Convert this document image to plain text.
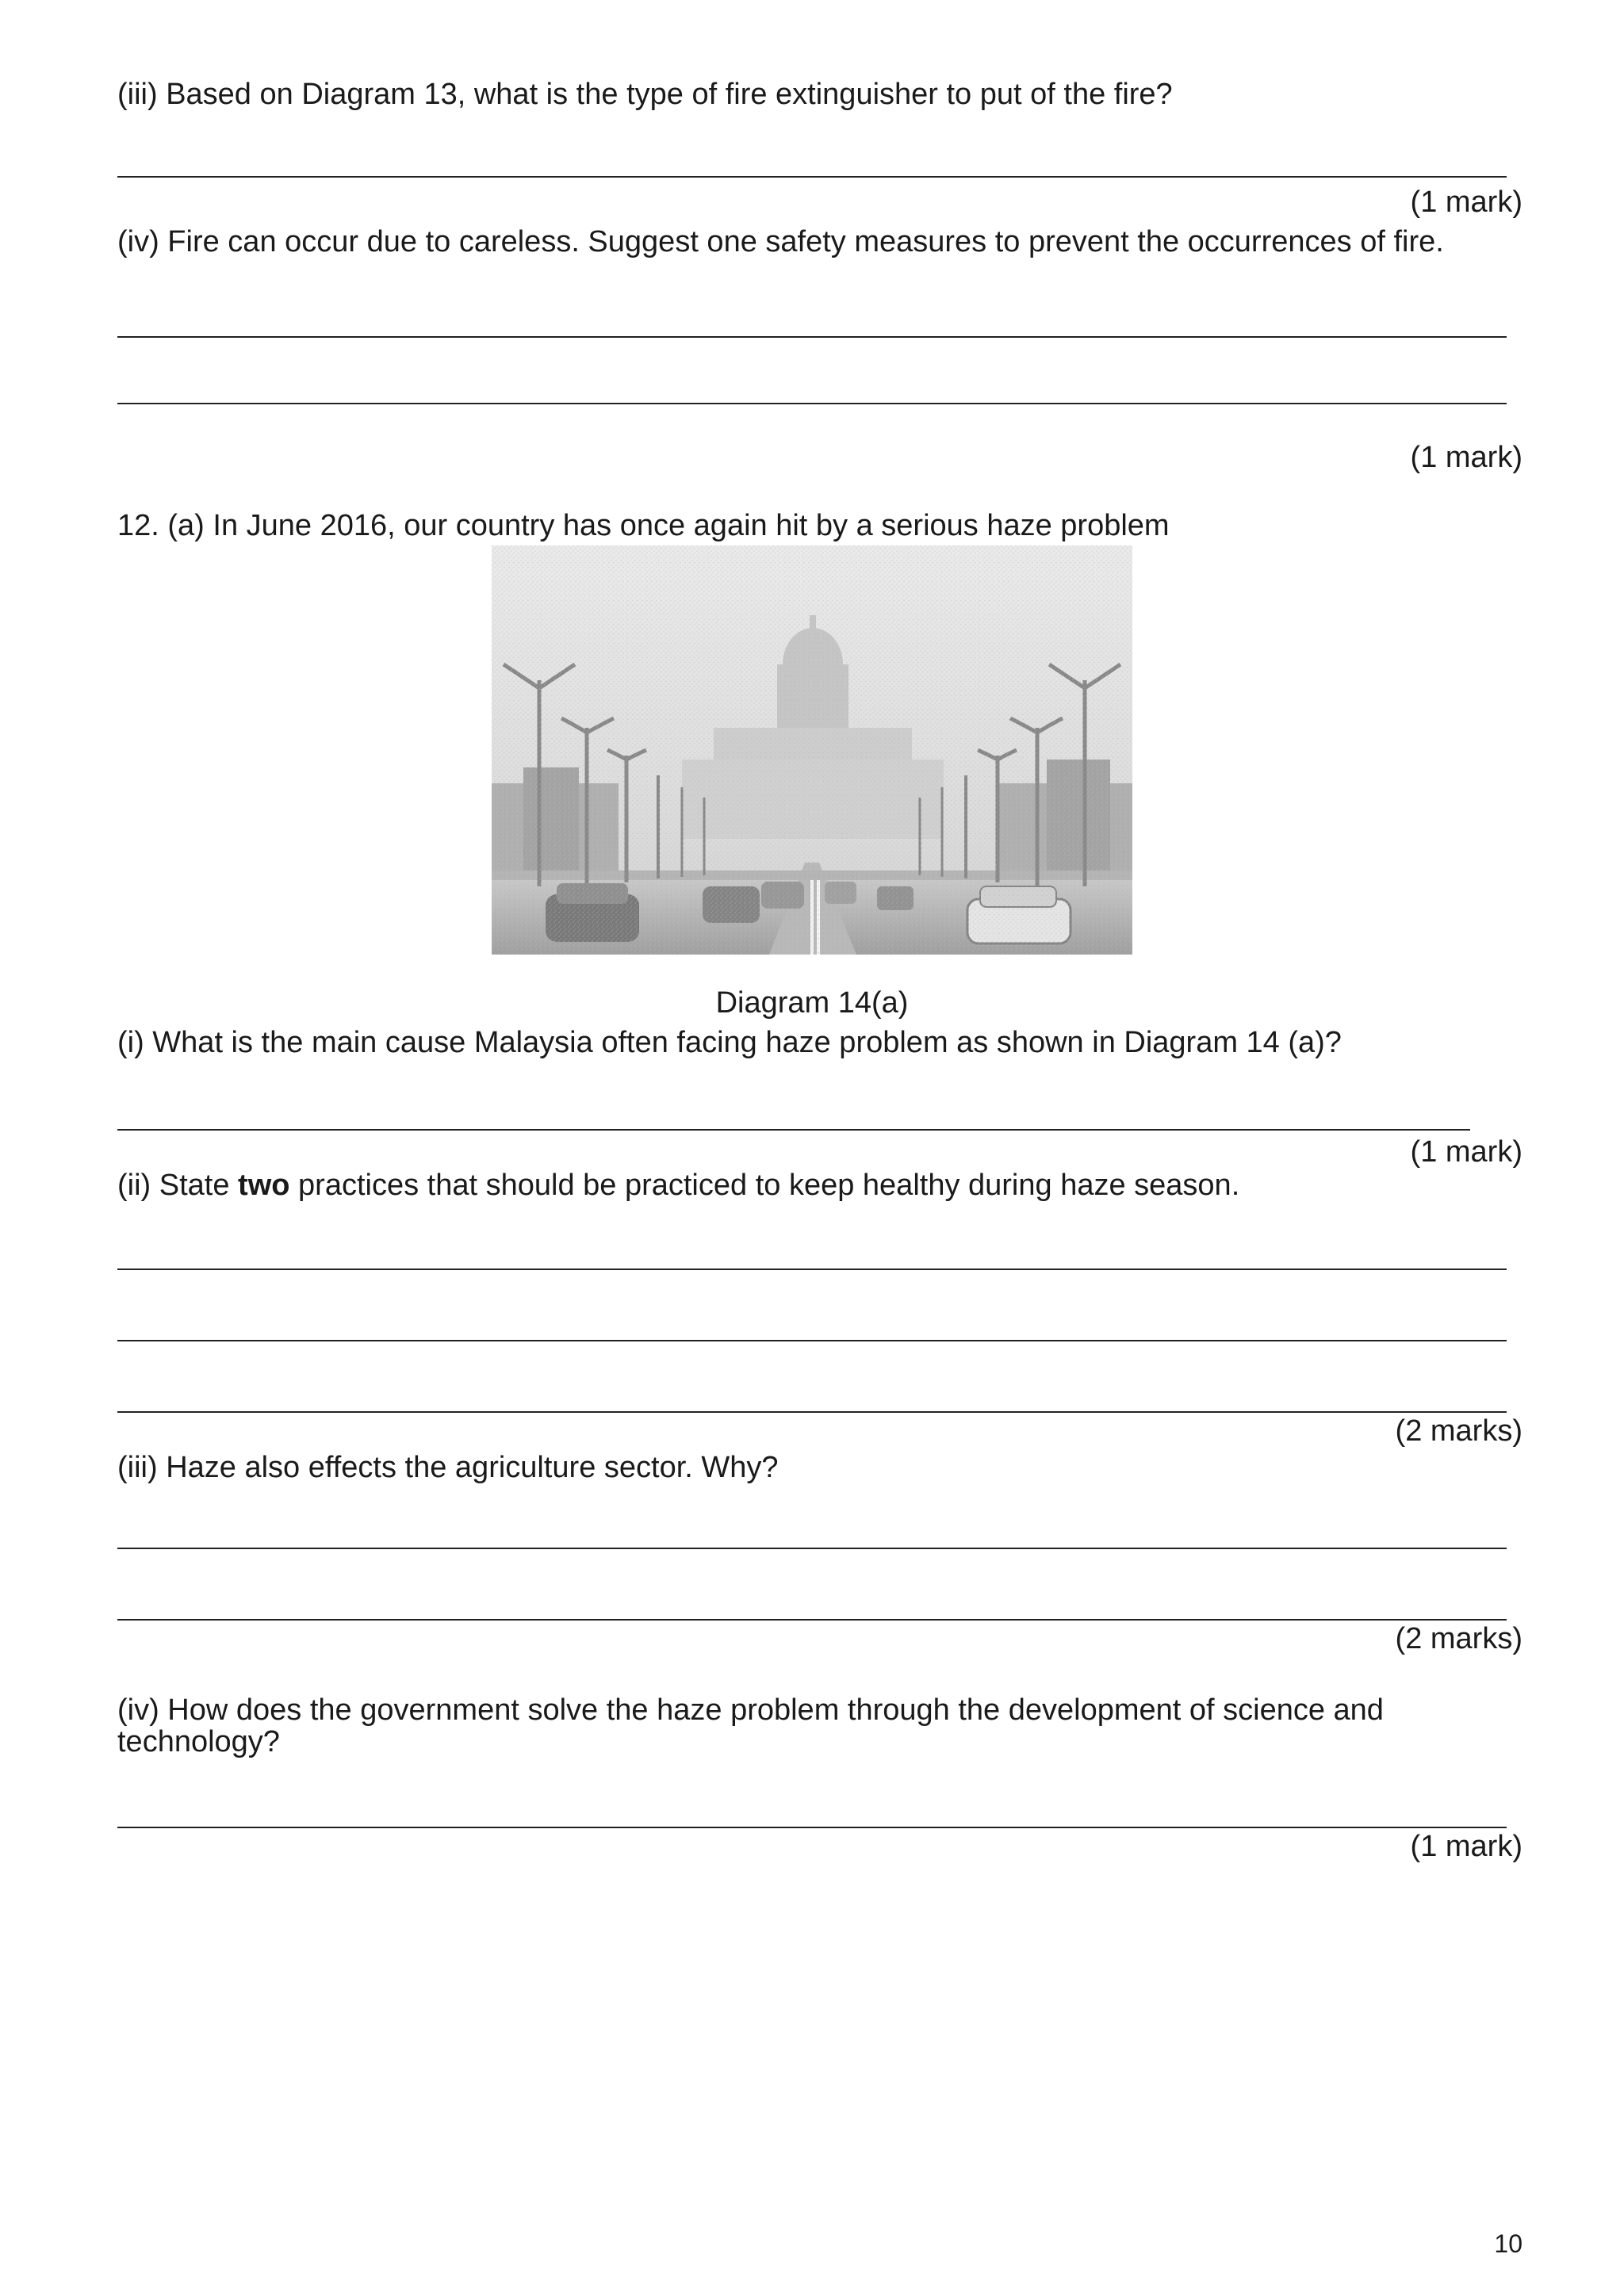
(iii) Based on Diagram 13, what is the type of fire extinguisher to put of the fire?
(1 mark)
(iv) Fire can occur due to careless. Suggest one safety measures to prevent the occurrences of fire.
(1 mark)
12. (a) In June 2016, our country has once again hit by a serious haze problem
Diagram 14(a)
(i) What is the main cause Malaysia often facing haze problem as shown in Diagram 14 (a)?
(1 mark)
(ii) State two practices that should be practiced to keep healthy during haze season.
(2 marks)
(iii) Haze also effects the agriculture sector. Why?
(2 marks)
(iv) How does the government solve the haze problem through the development of science and
technology?
(1 mark)
10
